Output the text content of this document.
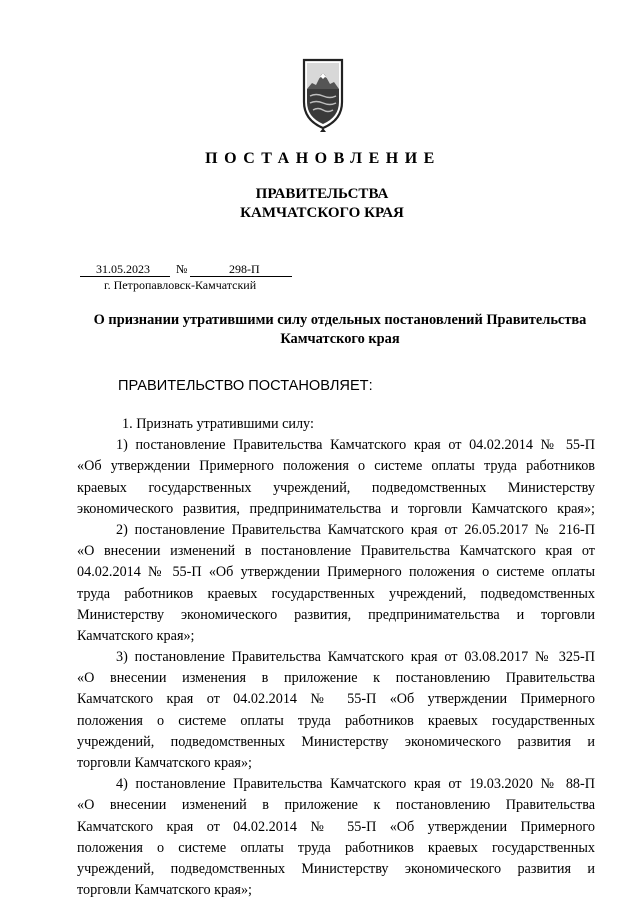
ПОСТАНОВЛЕНИЕ
ПРАВИТЕЛЬСТВА
КАМЧАТСКОГО КРАЯ
31.05.2023 №	298-П
г. Петропавловск-Камчатский
О признании утратившими силу отдельных постановлений Правительства
Камчатского края
ПРАВИТЕЛЬСТВО ПОСТАНОВЛЯЕТ:
1. Признать утратившими силу:
1) постановление Правительства Камчатского края от 04.02.2014 № 55-П
«Об утверждении Примерного положения о системе оплаты труда работников
краевых государственных учреждений, подведомственных Министерству
экономического развития, предпринимательства и торговли Камчатского края»;
2) постановление Правительства Камчатского края от 26.05.2017 № 216-П
«О внесении изменений в постановление Правительства Камчатского края от
04.02.2014 № 55-П «Об утверждении Примерного положения о системе оплаты
труда работников краевых государственных учреждений, подведомственных
Министерству экономического развития, предпринимательства и торговли
Камчатского края»;
3) постановление Правительства Камчатского края от 03.08.2017 № 325-П
«О внесении изменения в приложение к постановлению Правительства
Камчатского края от 04.02.2014 № 55-П «Об утверждении Примерного
положения о системе оплаты труда работников краевых государственных
учреждений, подведомственных Министерству экономического развития и
торговли Камчатского края»;
4) постановление Правительства Камчатского края от 19.03.2020 № 88-П
«О внесении изменений в приложение к постановлению Правительства
Камчатского края от 04.02.2014 № 55-П «Об утверждении Примерного
положения о системе оплаты труда работников краевых государственных
учреждений, подведомственных Министерству экономического развития и
торговли Камчатского края»;
